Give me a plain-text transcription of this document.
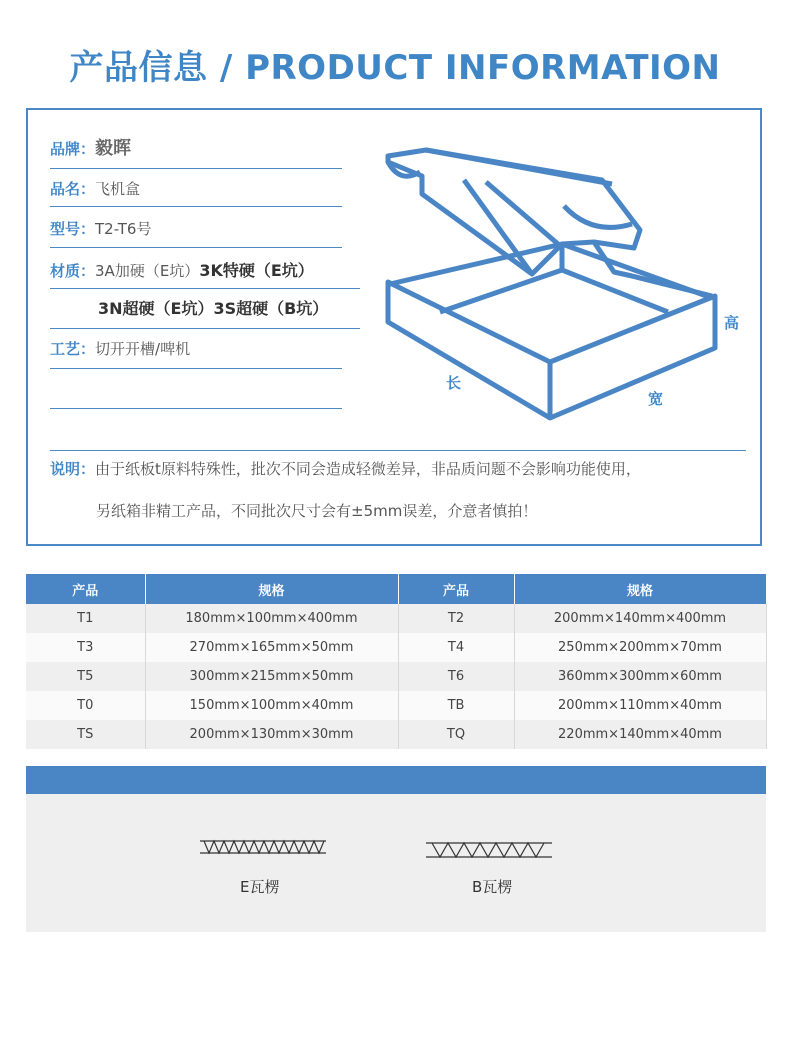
产品信息 / PRODUCT INFORMATION
品牌：毅晖
品名：飞机盒
型号：T2-T6号
材质：3A加硬（E坑）3K特硬（E坑）
3N超硬（E坑）3S超硬（B坑）
工艺：切开开槽/啤机
长
宽
高
说明：由于纸板t原料特殊性，批次不同会造成轻微差异，非品质问题不会影响功能使用，
另纸箱非精工产品，不同批次尺寸会有±5mm误差，介意者慎拍！
产品	规格	产品	规格
T1	180mm×100mm×400mm	T2	200mm×140mm×400mm
T3	270mm×165mm×50mm	T4	250mm×200mm×70mm
T5	300mm×215mm×50mm	T6	360mm×300mm×60mm
T0	150mm×100mm×40mm	TB	200mm×110mm×40mm
TS	200mm×130mm×30mm	TQ	220mm×140mm×40mm
E瓦楞	B瓦楞
